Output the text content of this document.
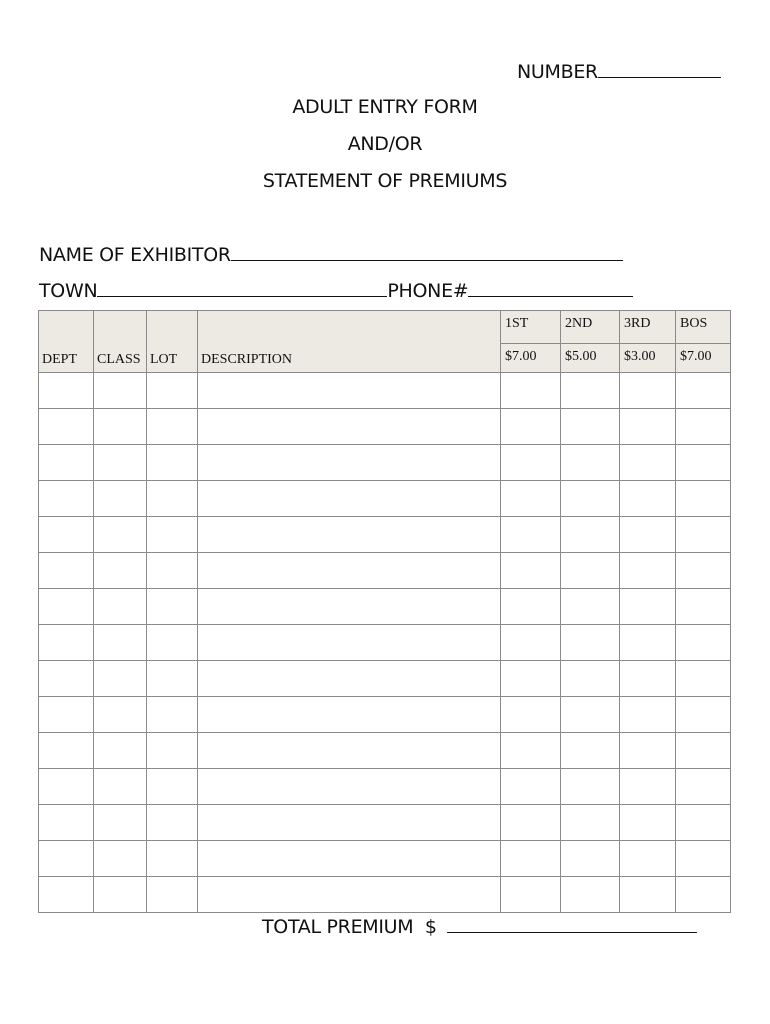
NUMBER

ADULT ENTRY FORM

AND/OR

STATEMENT OF PREMIUMS

NAME OF EXHIBITOR

TOWN	PHONE#

DEPT	CLASS	LOT	DESCRIPTION	1ST	2ND	3RD	BOS

				$7.00	$5.00	$3.00	$7.00

TOTAL PREMIUM  $
